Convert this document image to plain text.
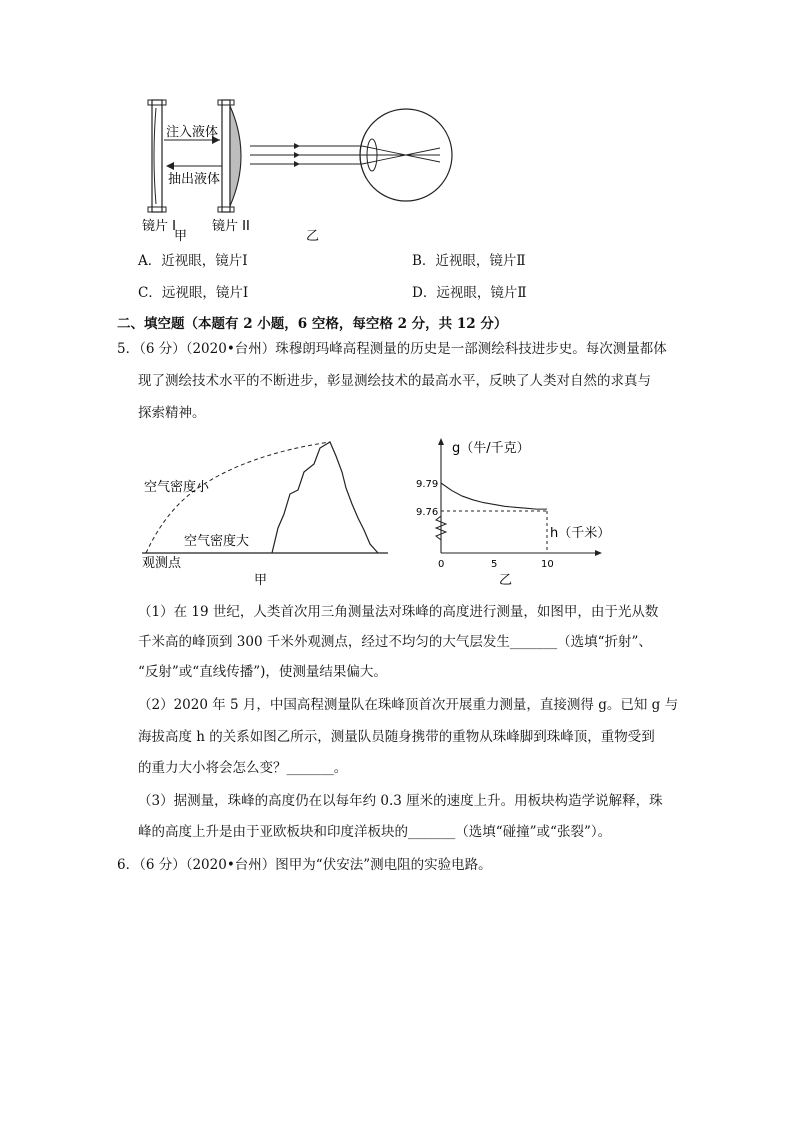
注入液体
抽出液体
镜片 I	镜片 II
甲	乙
A．近视眼，镜片Ⅰ	B．近视眼，镜片Ⅱ
C．远视眼，镜片Ⅰ	D．远视眼，镜片Ⅱ
二、填空题（本题有 2 小题，6 空格，每空格 2 分，共 12 分）
5．（6 分）（2020•台州）珠穆朗玛峰高程测量的历史是一部测绘科技进步史。每次测量都体
现了测绘技术水平的不断进步，彰显测绘技术的最高水平，反映了人类对自然的求真与
探索精神。
空气密度小
空气密度大
观测点
甲
g（牛/千克）
h（千米）
9.76
9.79
0	5	10
乙
（1）在 19 世纪，人类首次用三角测量法对珠峰的高度进行测量，如图甲，由于光从数
千米高的峰顶到 300 千米外观测点，经过不均匀的大气层发生_______（选填“折射”、
“反射”或“直线传播”)，使测量结果偏大。
（2）2020 年 5 月，中国高程测量队在珠峰顶首次开展重力测量，直接测得 g。已知 g 与
海拔高度 h 的关系如图乙所示，测量队员随身携带的重物从珠峰脚到珠峰顶，重物受到
的重力大小将会怎么变？_______。
（3）据测量，珠峰的高度仍在以每年约 0.3 厘米的速度上升。用板块构造学说解释，珠
峰的高度上升是由于亚欧板块和印度洋板块的_______（选填“碰撞”或“张裂”）。
6．（6 分）（2020•台州）图甲为“伏安法”测电阻的实验电路。
